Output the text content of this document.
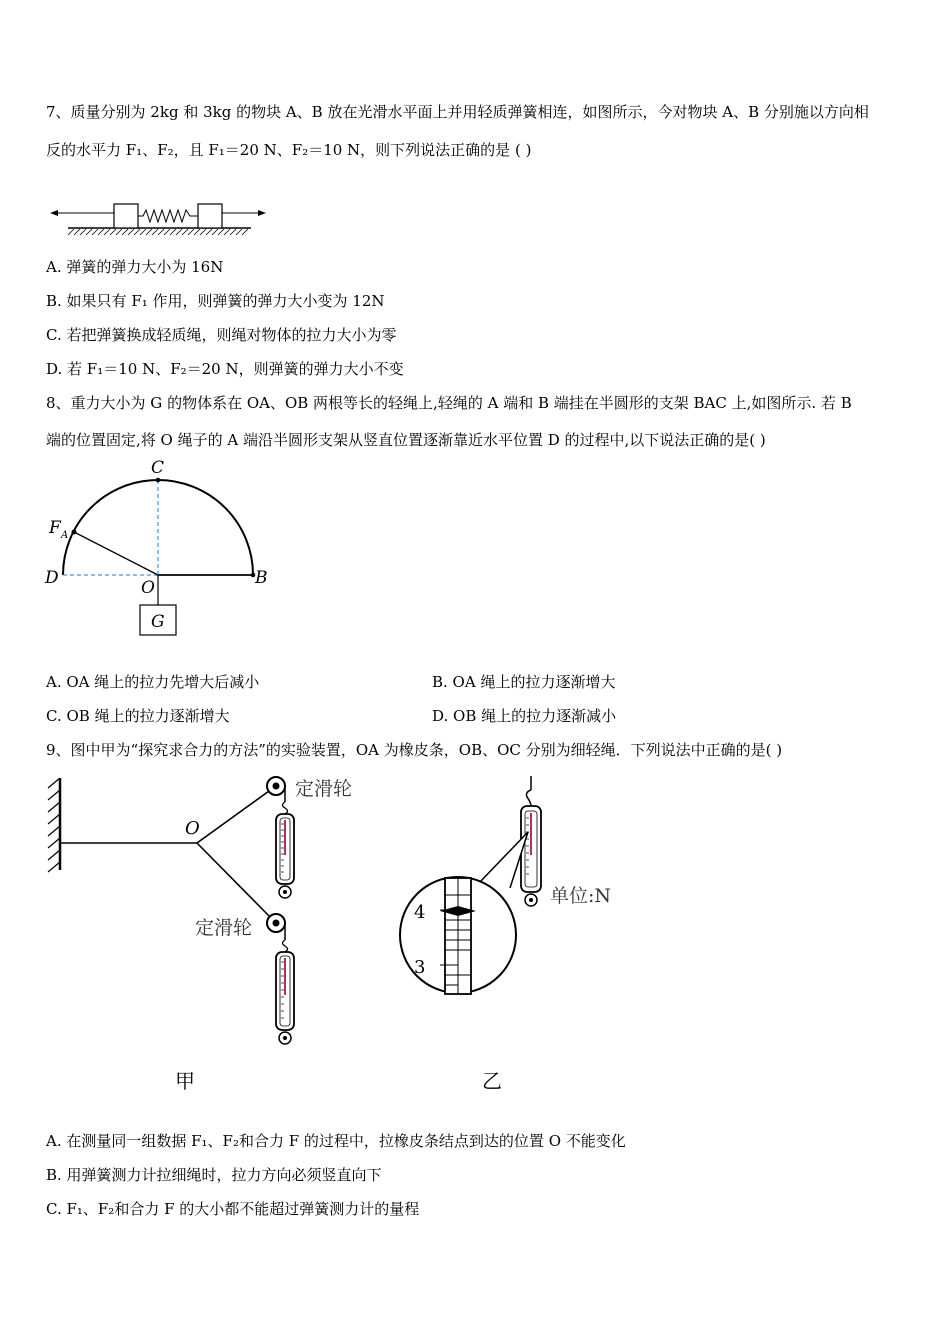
7、质量分别为 2kg 和 3kg 的物块 A、B 放在光滑水平面上并用轻质弹簧相连，如图所示，今对物块 A、B 分别施以方向相
反的水平力 F₁、F₂，且 F₁＝20 N、F₂＝10 N，则下列说法正确的是 ( )
A. 弹簧的弹力大小为 16N
B. 如果只有 F₁ 作用，则弹簧的弹力大小变为 12N
C. 若把弹簧换成轻质绳，则绳对物体的拉力大小为零
D. 若 F₁＝10 N、F₂＝20 N，则弹簧的弹力大小不变
8、重力大小为 G 的物体系在 OA、OB 两根等长的轻绳上,轻绳的 A 端和 B 端挂在半圆形的支架 BAC 上,如图所示. 若 B
端的位置固定,将 O 绳子的 A 端沿半圆形支架从竖直位置逐渐靠近水平位置 D 的过程中,以下说法正确的是( )
C
F A
D	O	B
G
A. OA 绳上的拉力先增大后减小	B. OA 绳上的拉力逐渐增大
C. OB 绳上的拉力逐渐增大	D. OB 绳上的拉力逐渐减小
9、图中甲为“探究求合力的方法”的实验装置，OA 为橡皮条，OB、OC 分别为细轻绳．下列说法中正确的是( )
O
定滑轮
定滑轮
甲
单位:N
4
3
乙
A. 在测量同一组数据 F₁、F₂和合力 F 的过程中，拉橡皮条结点到达的位置 O 不能变化
B. 用弹簧测力计拉细绳时，拉力方向必须竖直向下
C. F₁、F₂和合力 F 的大小都不能超过弹簧测力计的量程
